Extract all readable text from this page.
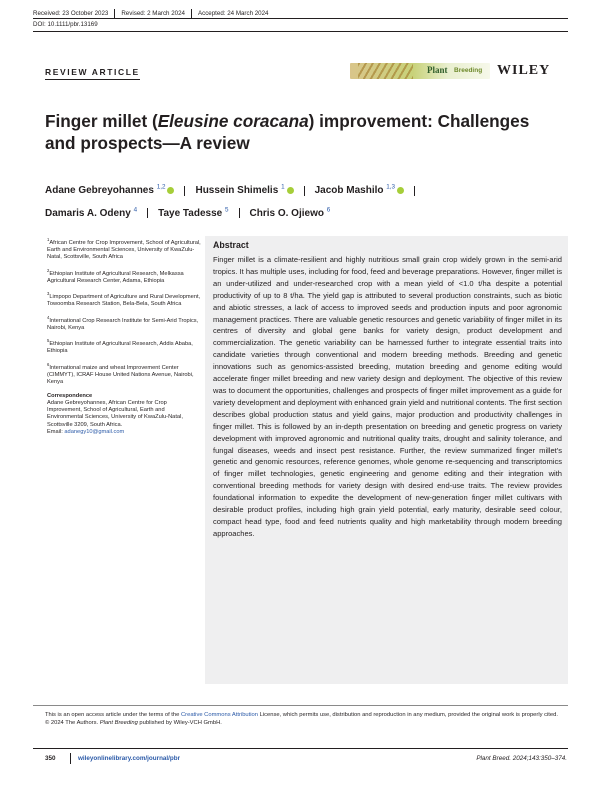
Received: 23 October 2023 Revised: 2 March 2024 Accepted: 24 March 2024
DOI: 10.1111/pbr.13169
REVIEW ARTICLE	Plant Breeding WILEY
Finger millet (Eleusine coracana) improvement: Challenges and prospects—A review
Adane Gebreyohannes $^{1,2}$	Hussein Shimelis $^1$	Jacob Mashilo $^{1,3}$
Damaris A. Odeny $^4$ Taye Tadesse $^5$ Chris O. Ojiewo $^6$
$^1$African Centre for Crop Improvement, School of Agricultural, Earth and Environmental Sciences, University of KwaZulu-Natal, Scottsville, South Africa
$^2$Ethiopian Institute of Agricultural Research, Melkassa Agricultural Research Center, Adama, Ethiopia
$^3$Limpopo Department of Agriculture and Rural Development, Towoomba Research Station, Bela-Bela, South Africa
$^4$International Crop Research Institute for Semi-Arid Tropics, Nairobi, Kenya
$^5$Ethiopian Institute of Agricultural Research, Addis Ababa, Ethiopia
$^6$International maize and wheat Improvement Center (CIMMYT), ICRAF House United Nations Avenue, Nairobi, Kenya
Correspondence
Adane Gebreyohannes, African Centre for Crop Improvement, School of Agricultural, Earth and Environmental Sciences, University of KwaZulu-Natal, Scottsville 3209, South Africa.
Email: adanegy10@gmail.com
Abstract
Finger millet is a climate-resilient and highly nutritious small grain crop widely grown in the semi-arid tropics. It has multiple uses, including for food, feed and beverage preparations. However, finger millet is an under-utilized and under-researched crop with a mean yield of <1.0 t/ha despite a potential productivity of up to 8 t/ha. The yield gap is attributed to several production constraints, such as biotic and abiotic stresses, a lack of access to improved seeds and production inputs and poor agronomic management practices. There are valuable genetic resources and genetic variability of finger millet in its centres of diversity and global gene banks for variety design, product development and commercialization. The genetic variability can be harnessed further to integrate essential traits into candidate varieties through conventional and modern breeding methods. Breeding and genetic innovations such as genomics-assisted breeding, mutation breeding and genome editing would accelerate finger millet breeding and new variety design and deployment. The objective of this review was to document the opportunities, challenges and prospects of finger millet improvement as a guide for variety development and deployment with enhanced grain yield and nutritional contents. The first section describes global production status and yield gains, major production and productivity challenges in finger millet. This is followed by an in-depth presentation on breeding and genetic progress on variety development with improved agronomic and nutritional quality traits, drought and salinity tolerance, and fungal diseases, weeds and insect pest resistance. Further, the review summarized finger millet's genetic and genomic resources, reference genomes, whole genome re-sequencing and transcriptomics of finger millet technologies, genetic engineering and genome editing and their integration with conventional breeding methods for variety design with desired end-use traits. The review provides foundational information to expedite the development of new-generation finger millet cultivars with desirable product profiles, including high grain yield potential, early maturity, desirable seed colour, compact head type, food and feed nutrients quality and high marketability through modern breeding approaches.
This is an open access article under the terms of the Creative Commons Attribution License, which permits use, distribution and reproduction in any medium, provided the original work is properly cited.
© 2024 The Authors. Plant Breeding published by Wiley-VCH GmbH.
350	wileyonlinelibrary.com/journal/pbr	Plant Breed. 2024;143:350–374.
